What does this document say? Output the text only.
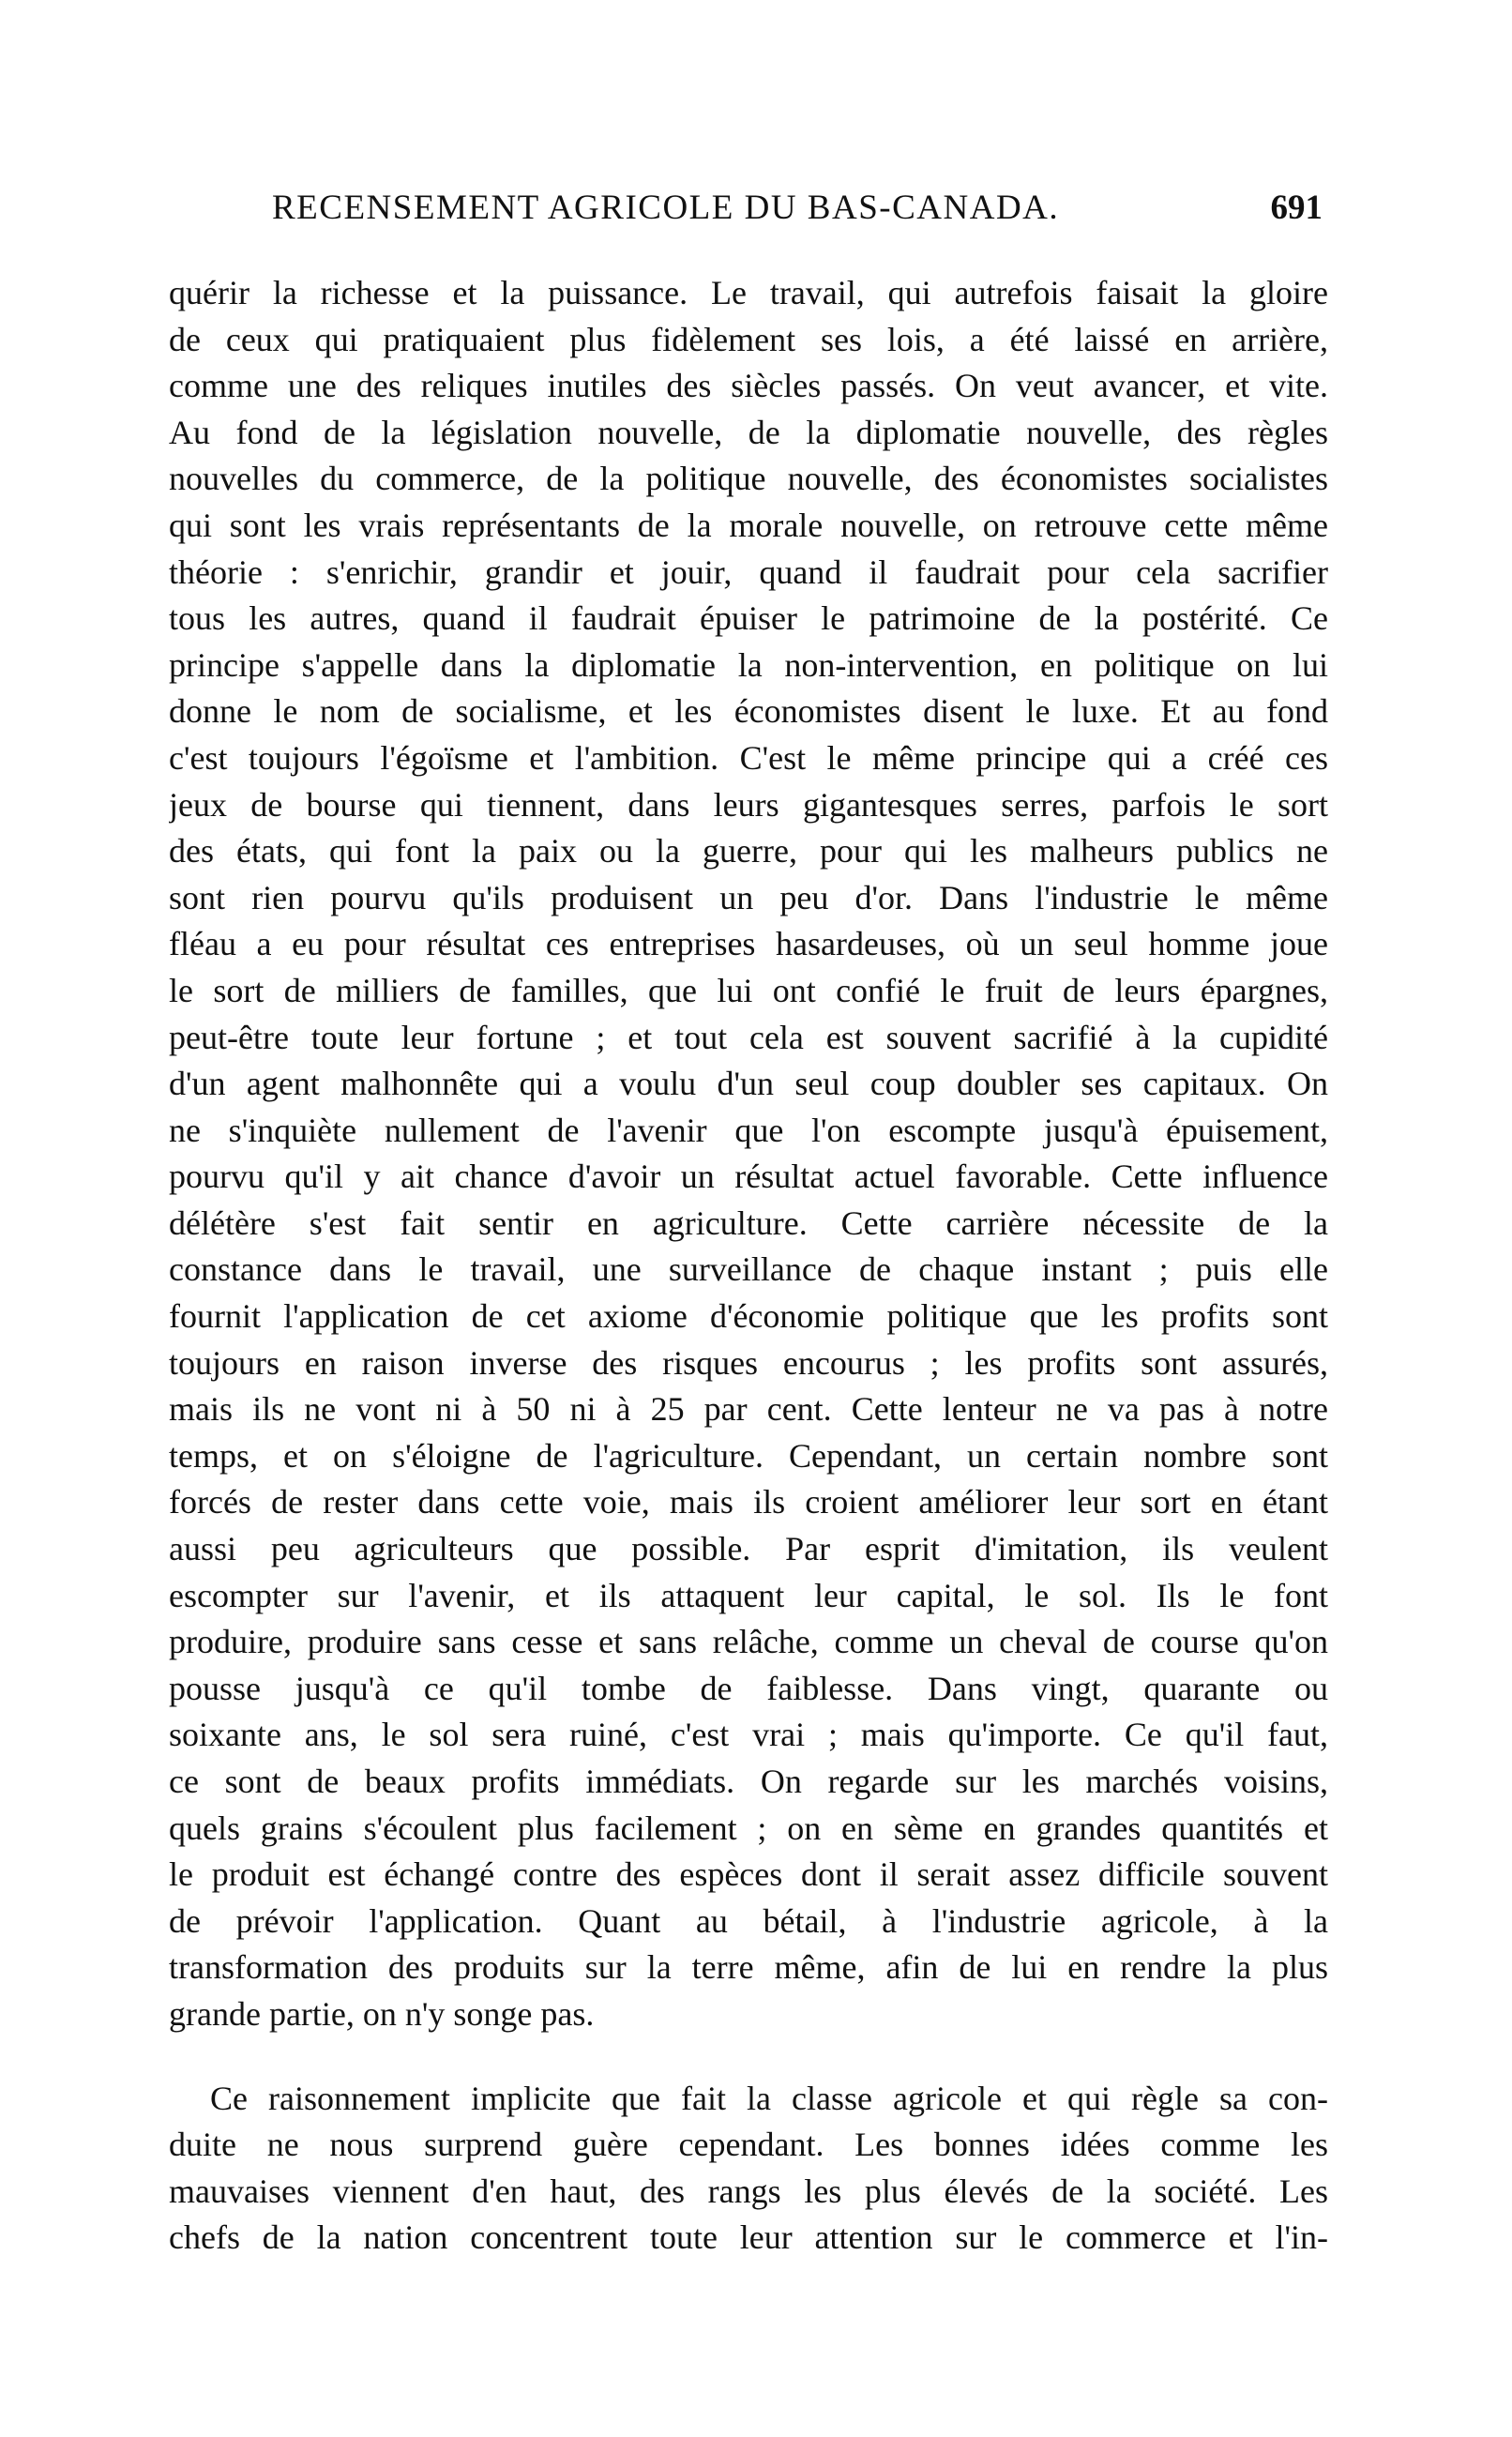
RECENSEMENT AGRICOLE DU BAS-CANADA.	691
quérir la richesse et la puissance. Le travail, qui autrefois faisait la gloire
de ceux qui pratiquaient plus fidèlement ses lois, a été laissé en arrière,
comme une des reliques inutiles des siècles passés. On veut avancer, et vite.
Au fond de la législation nouvelle, de la diplomatie nouvelle, des règles
nouvelles du commerce, de la politique nouvelle, des économistes socialistes
qui sont les vrais représentants de la morale nouvelle, on retrouve cette même
théorie : s'enrichir, grandir et jouir, quand il faudrait pour cela sacrifier
tous les autres, quand il faudrait épuiser le patrimoine de la postérité. Ce
principe s'appelle dans la diplomatie la non-intervention, en politique on lui
donne le nom de socialisme, et les économistes disent le luxe. Et au fond
c'est toujours l'égoïsme et l'ambition. C'est le même principe qui a créé ces
jeux de bourse qui tiennent, dans leurs gigantesques serres, parfois le sort
des états, qui font la paix ou la guerre, pour qui les malheurs publics ne
sont rien pourvu qu'ils produisent un peu d'or. Dans l'industrie le même
fléau a eu pour résultat ces entreprises hasardeuses, où un seul homme joue
le sort de milliers de familles, que lui ont confié le fruit de leurs épargnes,
peut-être toute leur fortune ; et tout cela est souvent sacrifié à la cupidité
d'un agent malhonnête qui a voulu d'un seul coup doubler ses capitaux. On
ne s'inquiète nullement de l'avenir que l'on escompte jusqu'à épuisement,
pourvu qu'il y ait chance d'avoir un résultat actuel favorable. Cette influence
délétère s'est fait sentir en agriculture. Cette carrière nécessite de la
constance dans le travail, une surveillance de chaque instant ; puis elle
fournit l'application de cet axiome d'économie politique que les profits sont
toujours en raison inverse des risques encourus ; les profits sont assurés,
mais ils ne vont ni à 50 ni à 25 par cent. Cette lenteur ne va pas à notre
temps, et on s'éloigne de l'agriculture. Cependant, un certain nombre sont
forcés de rester dans cette voie, mais ils croient améliorer leur sort en étant
aussi peu agriculteurs que possible. Par esprit d'imitation, ils veulent
escompter sur l'avenir, et ils attaquent leur capital, le sol. Ils le font
produire, produire sans cesse et sans relâche, comme un cheval de course qu'on
pousse jusqu'à ce qu'il tombe de faiblesse. Dans vingt, quarante ou
soixante ans, le sol sera ruiné, c'est vrai ; mais qu'importe. Ce qu'il faut,
ce sont de beaux profits immédiats. On regarde sur les marchés voisins,
quels grains s'écoulent plus facilement ; on en sème en grandes quantités et
le produit est échangé contre des espèces dont il serait assez difficile souvent
de prévoir l'application. Quant au bétail, à l'industrie agricole, à la
transformation des produits sur la terre même, afin de lui en rendre la plus
grande partie, on n'y songe pas.
Ce raisonnement implicite que fait la classe agricole et qui règle sa con-
duite ne nous surprend guère cependant. Les bonnes idées comme les
mauvaises viennent d'en haut, des rangs les plus élevés de la société. Les
chefs de la nation concentrent toute leur attention sur le commerce et l'in-
